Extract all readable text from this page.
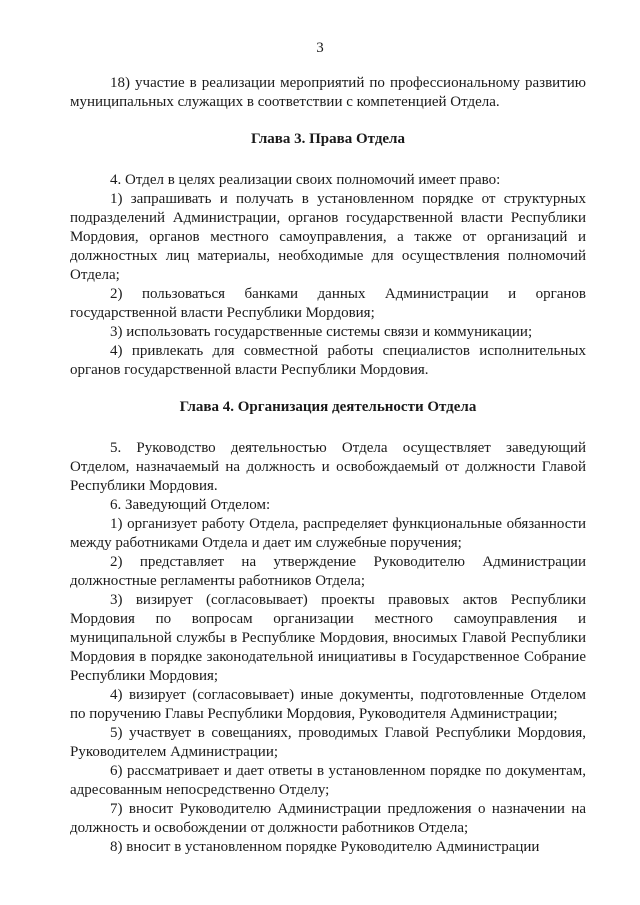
3

18) участие в реализации мероприятий по профессиональному развитию муниципальных служащих в соответствии с компетенцией Отдела.

Глава 3. Права Отдела

4. Отдел в целях реализации своих полномочий имеет право:

1) запрашивать и получать в установленном порядке от структурных подразделений Администрации, органов государственной власти Республики Мордовия, органов местного самоуправления, а также от организаций и должностных лиц материалы, необходимые для осуществления полномочий Отдела;

2) пользоваться банками данных Администрации и органов государственной власти Республики Мордовия;

3) использовать государственные системы связи и коммуникации;

4) привлекать для совместной работы специалистов исполнительных органов государственной власти Республики Мордовия.

Глава 4. Организация деятельности Отдела

5. Руководство деятельностью Отдела осуществляет заведующий Отделом, назначаемый на должность и освобождаемый от должности Главой Республики Мордовия.

6. Заведующий Отделом:

1) организует работу Отдела, распределяет функциональные обязанности между работниками Отдела и дает им служебные поручения;

2) представляет на утверждение Руководителю Администрации должностные регламенты работников Отдела;

3) визирует (согласовывает) проекты правовых актов Республики Мордовия по вопросам организации местного самоуправления и муниципальной службы в Республике Мордовия, вносимых Главой Республики Мордовия в порядке законодательной инициативы в Государственное Собрание Республики Мордовия;

4) визирует (согласовывает) иные документы, подготовленные Отделом по поручению Главы Республики Мордовия, Руководителя Администрации;

5) участвует в совещаниях, проводимых Главой Республики Мордовия, Руководителем Администрации;

6) рассматривает и дает ответы в установленном порядке по документам, адресованным непосредственно Отделу;

7) вносит Руководителю Администрации предложения о назначении на должность и освобождении от должности работников Отдела;

8) вносит в установленном порядке Руководителю Администрации
